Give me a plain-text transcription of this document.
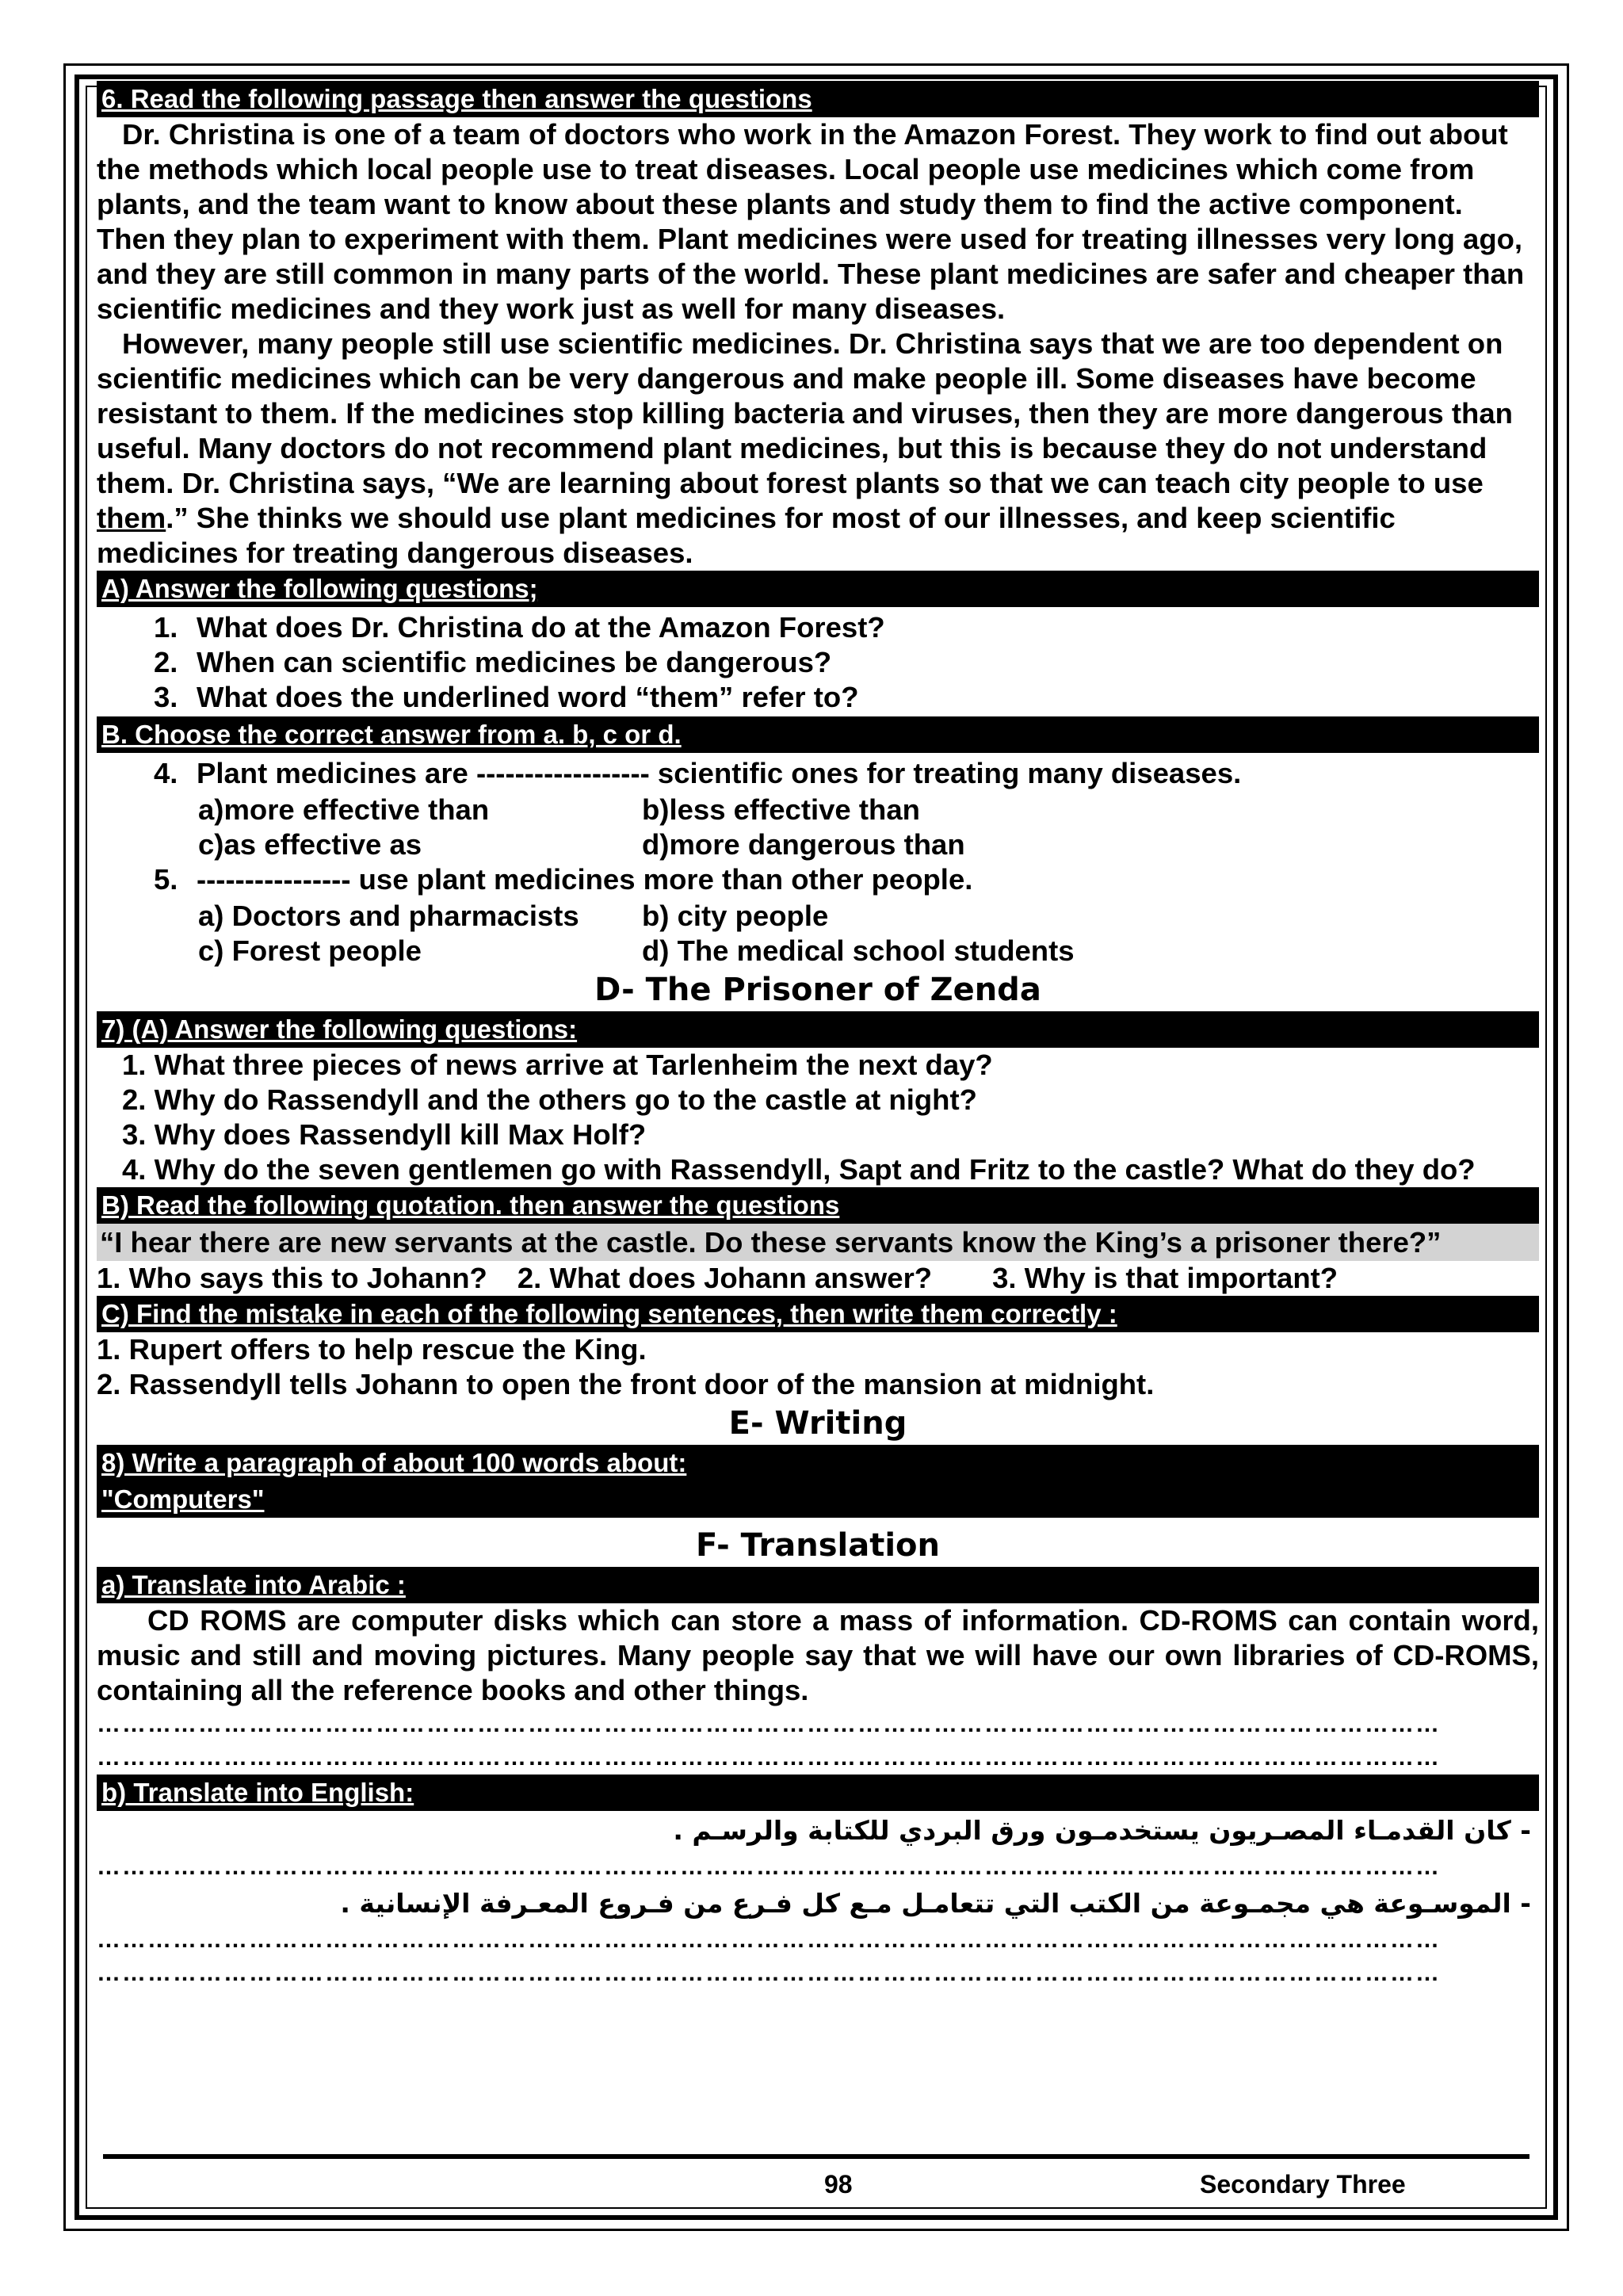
6. Read the following passage then answer the questions

Dr. Christina is one of a team of doctors who work in the Amazon Forest. They work to find out about the methods which local people use to treat diseases. Local people use medicines which come from plants, and the team want to know about these plants and study them to find the active component. Then they plan to experiment with them. Plant medicines were used for treating illnesses very long ago, and they are still common in many parts of the world. These plant medicines are safer and cheaper than scientific medicines and they work just as well for many diseases.

However, many people still use scientific medicines. Dr. Christina says that we are too dependent on scientific medicines which can be very dangerous and make people ill. Some diseases have become resistant to them. If the medicines stop killing bacteria and viruses, then they are more dangerous than useful. Many doctors do not recommend plant medicines, but this is because they do not understand them. Dr. Christina says, “We are learning about forest plants so that we can teach city people to use them.” She thinks we should use plant medicines for most of our illnesses, and keep scientific medicines for treating dangerous diseases.

A) Answer the following questions;
1. What does Dr. Christina do at the Amazon Forest?
2. When can scientific medicines be dangerous?
3. What does the underlined word “them” refer to?
B. Choose the correct answer from a. b, c or d.
4. Plant medicines are ------------------ scientific ones for treating many diseases.
a)more effective than	b)less effective than
c)as effective as	d)more dangerous than
5. ---------------- use plant medicines more than other people.
a) Doctors and pharmacists	b) city people
c) Forest people	d) The medical school students
D- The Prisoner of Zenda
7) (A) Answer the following questions:
1. What three pieces of news arrive at Tarlenheim the next day?
2. Why do Rassendyll and the others go to the castle at night?
3. Why does Rassendyll kill Max Holf?
4. Why do the seven gentlemen go with Rassendyll, Sapt and Fritz to the castle? What do they do?
B) Read the following quotation. then answer the questions
“I hear there are new servants at the castle. Do these servants know the King’s a prisoner there?”
1. Who says this to Johann? 2. What does Johann answer? 3. Why is that important?
C) Find the mistake in each of the following sentences, then write them correctly :
1. Rupert offers to help rescue the King.
2. Rassendyll tells Johann to open the front door of the mansion at midnight.
E- Writing
8) Write a paragraph of about 100 words about:
"Computers"
F- Translation
a) Translate into Arabic :

CD ROMS are computer disks which can store a mass of information. CD-ROMS can contain word, music and still and moving pictures. Many people say that we will have our own libraries of CD-ROMS, containing all the reference books and other things.

……………………………………………………………………………………………………………………………………………
……………………………………………………………………………………………………………………………………………
b) Translate into English:
- كان القدمـاء المصـريون يستخدمـون ورق البردي للكتابة والرسـم .
……………………………………………………………………………………………………………………………………………
- الموسـوعة هي مجمـوعة من الكتب التي تتعامـل مـع كل فـرع من فـروع المعـرفة الإنسانية .
……………………………………………………………………………………………………………………………………………
……………………………………………………………………………………………………………………………………………
98	Secondary Three
